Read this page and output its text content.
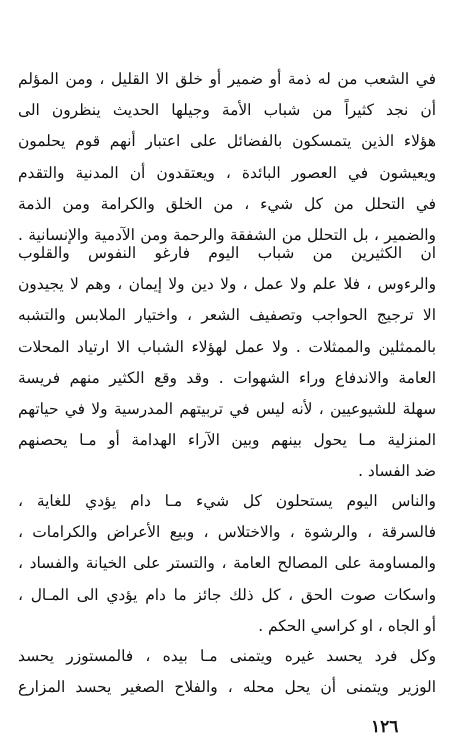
في الشعب من له ذمة أو ضمير أو خلق الا القليل ، ومن المؤلم
أن نجد كثيراً من شباب الأمة وجيلها الحديث ينظرون الى
هؤلاء الذين يتمسكون بالفضائل على اعتبار أنهم قوم يحلمون
ويعيشون في العصور البائدة ، ويعتقدون أن المدنية والتقدم
في التحلل من كل شيء ، من الخلق والكرامة ومن الذمة
والضمير ، بل التحلل من الشفقة والرحمة ومن الآدمية والإنسانية .
ان الكثيرين من شباب اليوم فارغو النفوس والقلوب
والرءوس ، فلا علم ولا عمل ، ولا دين ولا إيمان ، وهم لا يجيدون
الا ترجيج الحواجب وتصفيف الشعر ، واختيار الملابس والتشبه
بالممثلين والممثلات . ولا عمل لهؤلاء الشباب الا ارتياد المحلات
العامة والاندفاع وراء الشهوات . وقد وقع الكثير منهم فريسة
سهلة للشيوعيين ، لأنه ليس في تربيتهم المدرسية ولا في حياتهم
المنزلية مـا يحول بينهم وبين الآراء الهدامة أو مـا يحصنهم
ضد الفساد .
والناس اليوم يستحلون كل شيء مـا دام يؤدي للغاية ،
فالسرقة ، والرشوة ، والاختلاس ، وبيع الأعراض والكرامات ،
والمساومة على المصالح العامة ، والتستر على الخيانة والفساد ،
واسكات صوت الحق ، كل ذلك جائز ما دام يؤدي الى المـال ،
أو الجاه ، او كراسي الحكم .
وكل فرد يحسد غيره ويتمنى مـا بيده ، فالمستوزر يحسد
الوزير ويتمنى أن يحل محله ، والفلاح الصغير يحسد المزارع
١٢٦
